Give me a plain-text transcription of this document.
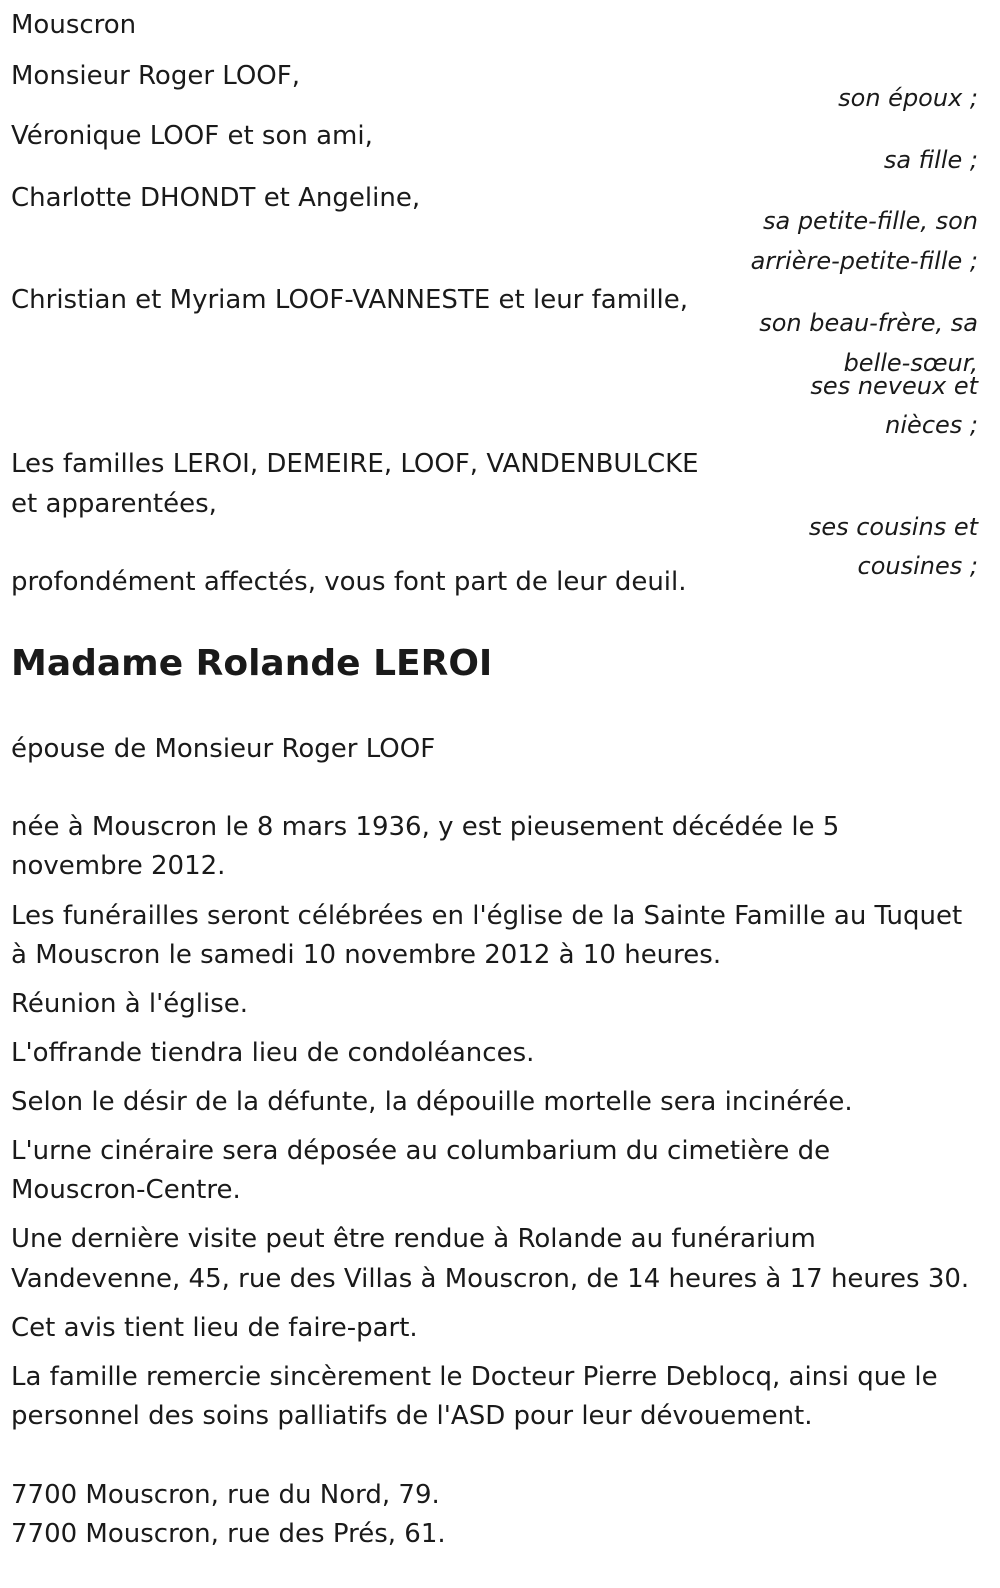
Mouscron
Monsieur Roger LOOF,
Véronique LOOF et son ami,
Charlotte DHONDT et Angeline,
Christian et Myriam LOOF-VANNESTE et leur famille,
Les familles LEROI, DEMEIRE, LOOF, VANDENBULCKE
et apparentées,
son époux ;
sa fille ;
sa petite-fille, son
arrière-petite-fille ;
son beau-frère, sa
belle-sœur,
ses neveux et
nièces ;
ses cousins et
cousines ;
profondément affectés, vous font part de leur deuil.
Madame Rolande LEROI
épouse de Monsieur Roger LOOF
née à Mouscron le 8 mars 1936, y est pieusement décédée le 5
novembre 2012.
Les funérailles seront célébrées en l'église de la Sainte Famille au Tuquet
à Mouscron le samedi 10 novembre 2012 à 10 heures.
Réunion à l'église.
L'offrande tiendra lieu de condoléances.
Selon le désir de la défunte, la dépouille mortelle sera incinérée.
L'urne cinéraire sera déposée au columbarium du cimetière de
Mouscron-Centre.
Une dernière visite peut être rendue à Rolande au funérarium
Vandevenne, 45, rue des Villas à Mouscron, de 14 heures à 17 heures 30.
Cet avis tient lieu de faire-part.
La famille remercie sincèrement le Docteur Pierre Deblocq, ainsi que le
personnel des soins palliatifs de l'ASD pour leur dévouement.
7700 Mouscron, rue du Nord, 79.
7700 Mouscron, rue des Prés, 61.
